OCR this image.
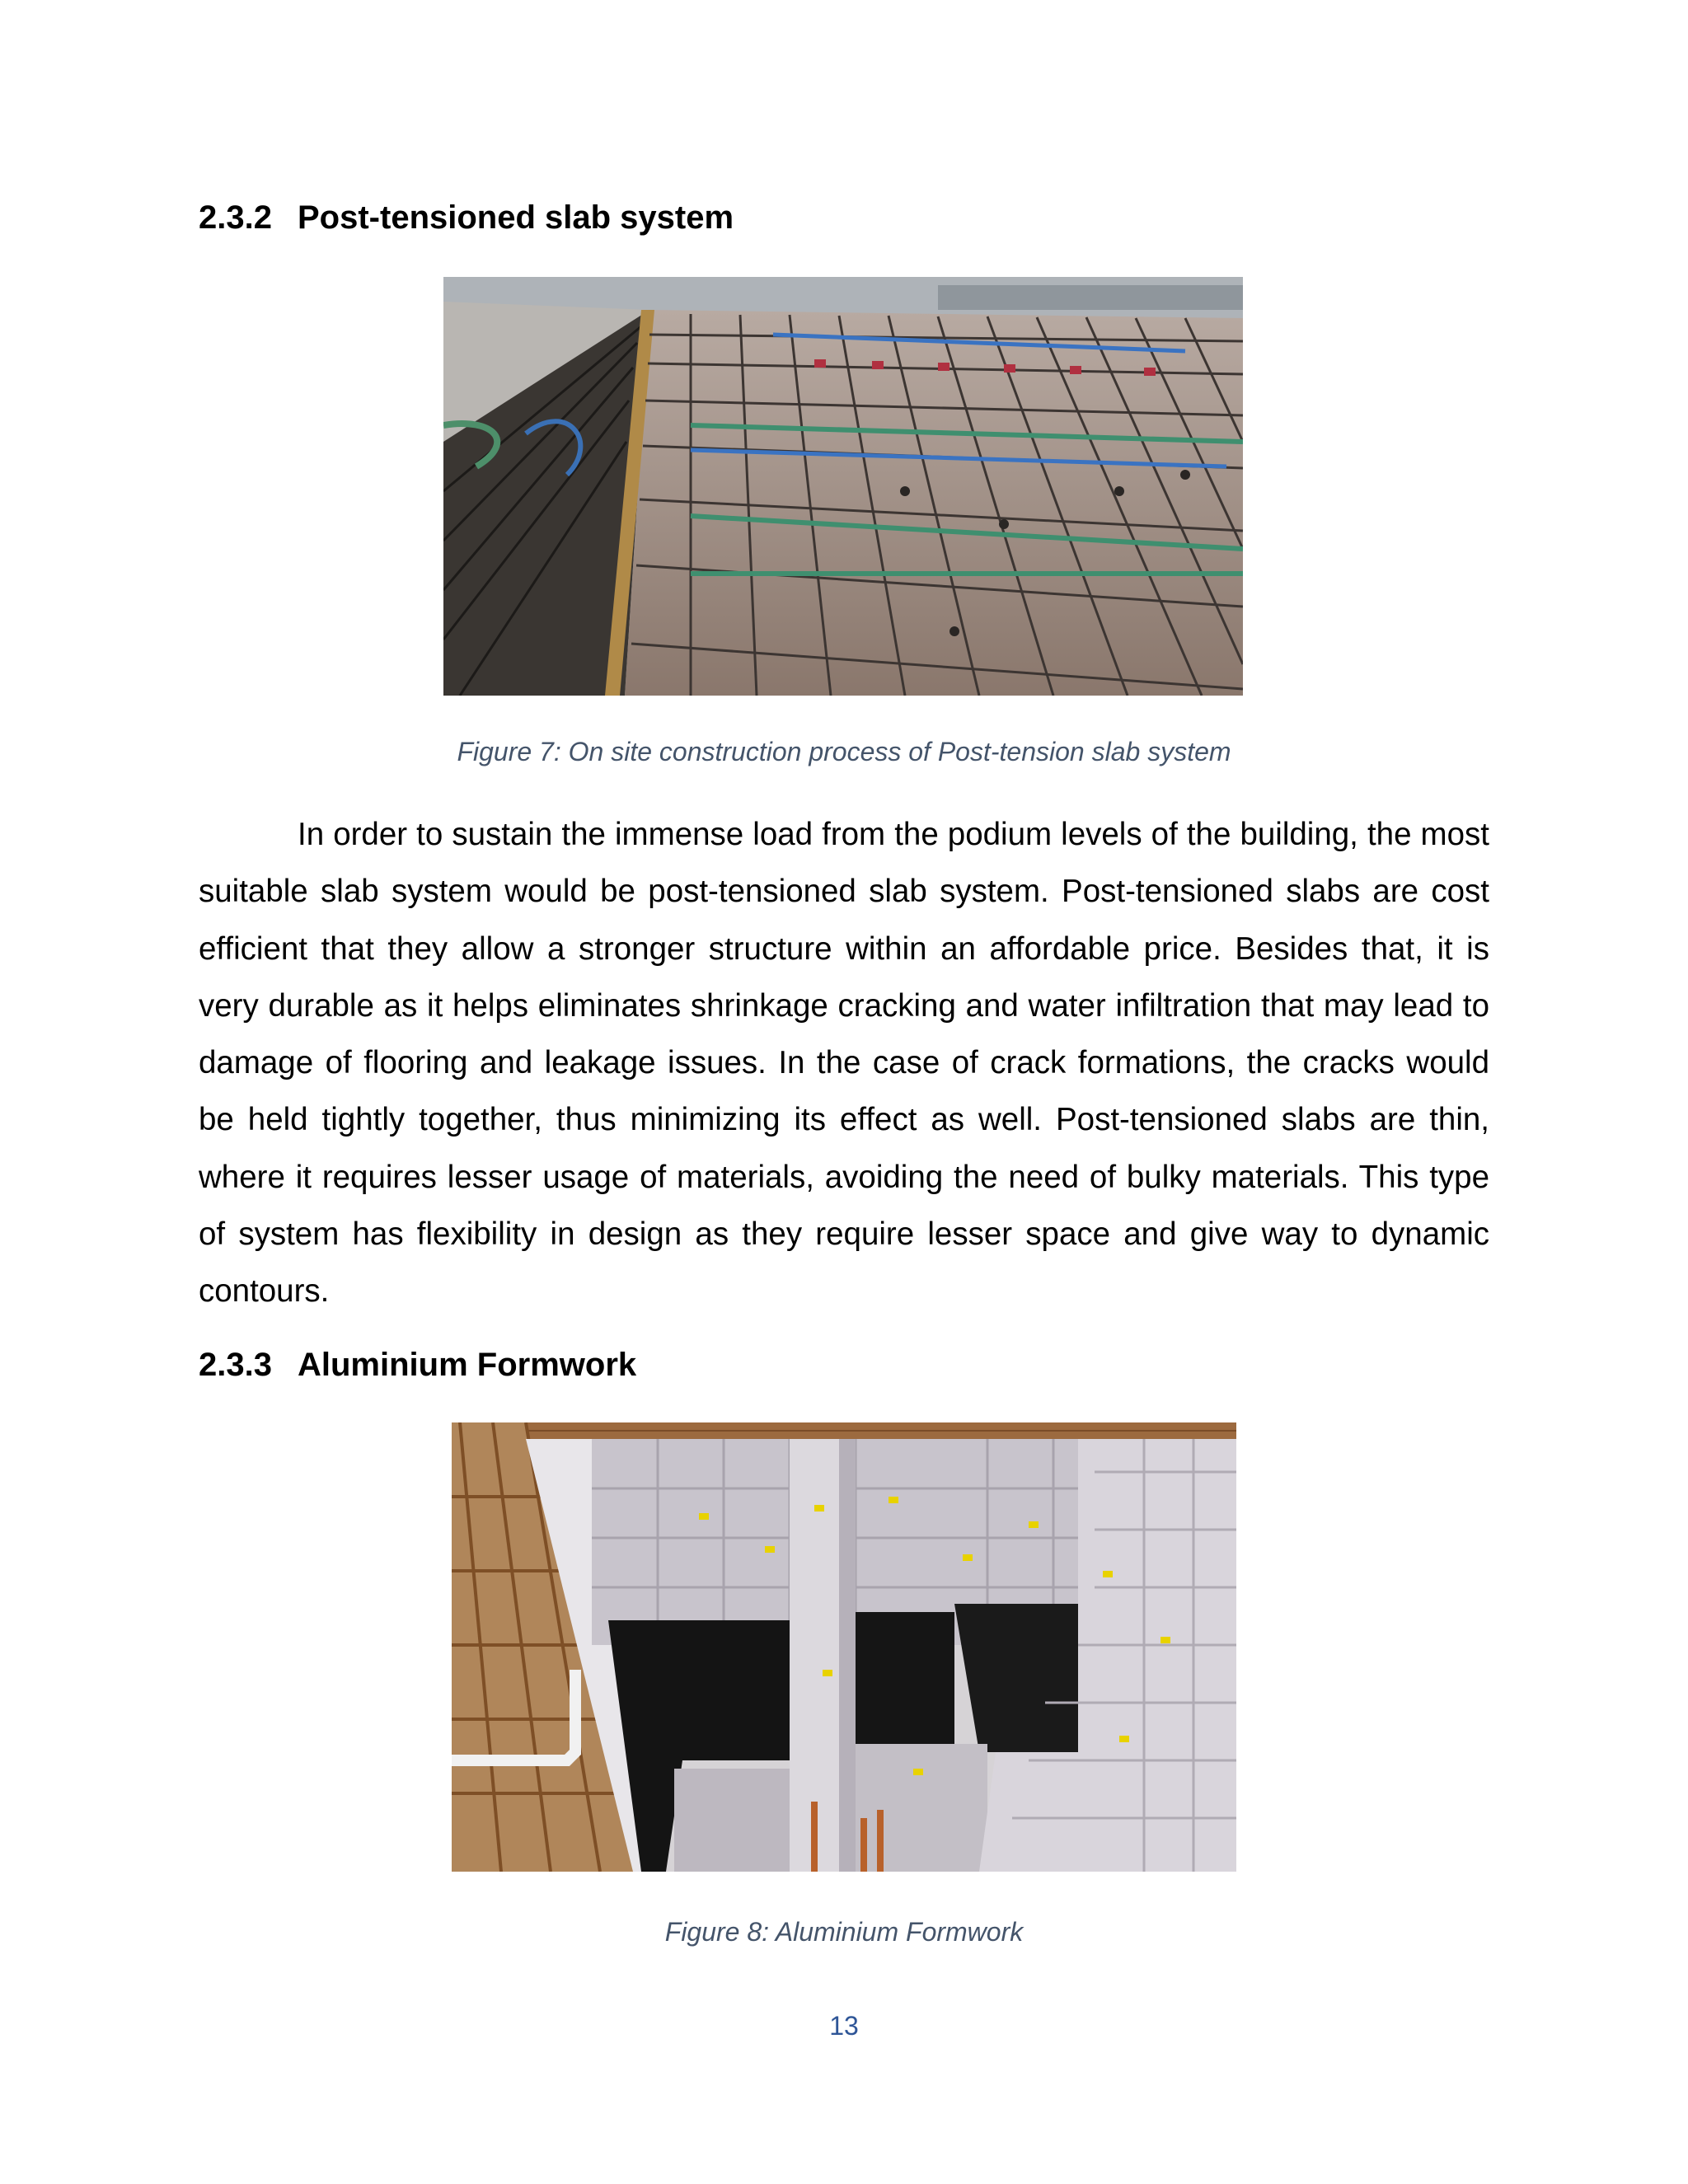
2.3.2 Post-tensioned slab system
Figure 7: On site construction process of Post-tension slab system

In order to sustain the immense load from the podium levels of the building, the most suitable slab system would be post-tensioned slab system. Post-tensioned slabs are cost efficient that they allow a stronger structure within an affordable price. Besides that, it is very durable as it helps eliminates shrinkage cracking and water infiltration that may lead to damage of flooring and leakage issues. In the case of crack formations, the cracks would be held tightly together, thus minimizing its effect as well. Post-tensioned slabs are thin, where it requires lesser usage of materials, avoiding the need of bulky materials. This type of system has flexibility in design as they require lesser space and give way to dynamic contours.

2.3.3 Aluminium Formwork
Figure 8: Aluminium Formwork
13
